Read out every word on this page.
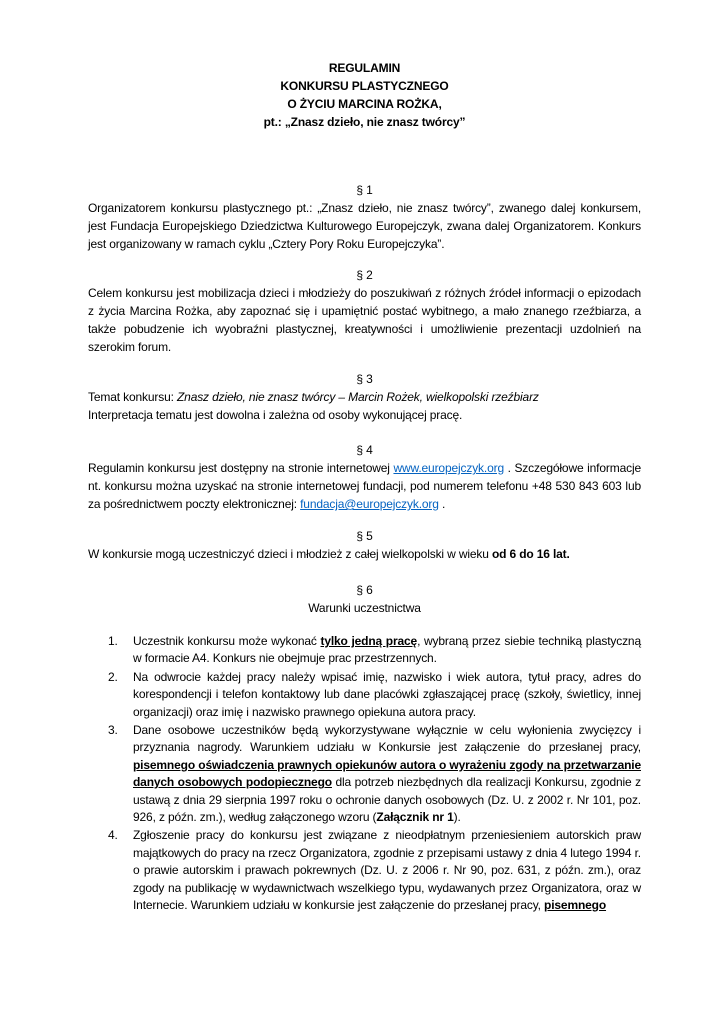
REGULAMIN
KONKURSU PLASTYCZNEGO
O ŻYCIU MARCINA ROŻKA,
pt.: „Znasz dzieło, nie znasz twórcy”
§ 1
Organizatorem konkursu plastycznego pt.: „Znasz dzieło, nie znasz twórcy”, zwanego dalej konkursem, jest Fundacja Europejskiego Dziedzictwa Kulturowego Europejczyk, zwana dalej Organizatorem. Konkurs jest organizowany w ramach cyklu „Cztery Pory Roku Europejczyka”.
§ 2
Celem konkursu jest mobilizacja dzieci i młodzieży do poszukiwań z różnych źródeł informacji o epizodach z życia Marcina Rożka, aby zapoznać się i upamiętnić postać wybitnego, a mało znanego rzeźbiarza, a także pobudzenie ich wyobraźni plastycznej, kreatywności i umożliwienie prezentacji uzdolnień na szerokim forum.
§ 3
Temat konkursu: Znasz dzieło, nie znasz twórcy – Marcin Rożek, wielkopolski rzeźbiarz
Interpretacja tematu jest dowolna i zależna od osoby wykonującej pracę.
§ 4
Regulamin konkursu jest dostępny na stronie internetowej www.europejczyk.org . Szczegółowe informacje nt. konkursu można uzyskać na stronie internetowej fundacji, pod numerem telefonu +48 530 843 603 lub za pośrednictwem poczty elektronicznej: fundacja@europejczyk.org .
§ 5
W konkursie mogą uczestniczyć dzieci i młodzież z całej wielkopolski w wieku od 6 do 16 lat.
§ 6
Warunki uczestnictwa
1. Uczestnik konkursu może wykonać tylko jedną pracę, wybraną przez siebie techniką plastyczną w formacie A4. Konkurs nie obejmuje prac przestrzennych.
2. Na odwrocie każdej pracy należy wpisać imię, nazwisko i wiek autora, tytuł pracy, adres do korespondencji i telefon kontaktowy lub dane placówki zgłaszającej pracę (szkoły, świetlicy, innej organizacji) oraz imię i nazwisko prawnego opiekuna autora pracy.
3. Dane osobowe uczestników będą wykorzystywane wyłącznie w celu wyłonienia zwycięzcy i przyznania nagrody. Warunkiem udziału w Konkursie jest załączenie do przesłanej pracy, pisemnego oświadczenia prawnych opiekunów autora o wyrażeniu zgody na przetwarzanie danych osobowych podopiecznego dla potrzeb niezbędnych dla realizacji Konkursu, zgodnie z ustawą z dnia 29 sierpnia 1997 roku o ochronie danych osobowych (Dz. U. z 2002 r. Nr 101, poz. 926, z późn. zm.), według załączonego wzoru (Załącznik nr 1).
4. Zgłoszenie pracy do konkursu jest związane z nieodpłatnym przeniesieniem autorskich praw majątkowych do pracy na rzecz Organizatora, zgodnie z przepisami ustawy z dnia 4 lutego 1994 r. o prawie autorskim i prawach pokrewnych (Dz. U. z 2006 r. Nr 90, poz. 631, z późn. zm.), oraz zgody na publikację w wydawnictwach wszelkiego typu, wydawanych przez Organizatora, oraz w Internecie. Warunkiem udziału w konkursie jest załączenie do przesłanej pracy, pisemnego
